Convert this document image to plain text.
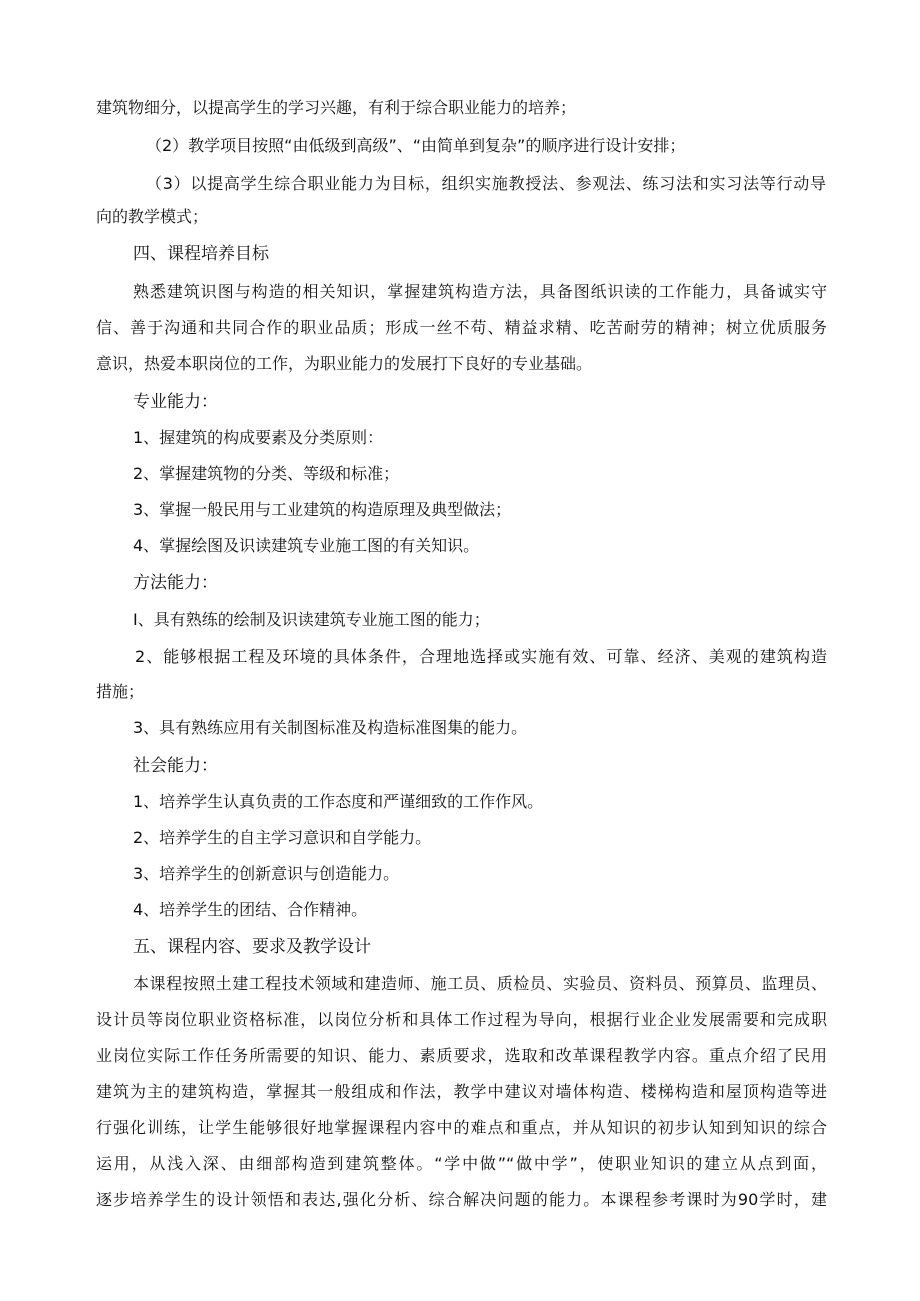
建筑物细分，以提高学生的学习兴趣，有利于综合职业能力的培养；
（2）教学项目按照“由低级到高级”、“由简单到复杂”的顺序进行设计安排；
（3）以提高学生综合职业能力为目标，组织实施教授法、参观法、练习法和实习法等行动导
向的教学模式；
四、课程培养目标
熟悉建筑识图与构造的相关知识，掌握建筑构造方法，具备图纸识读的工作能力，具备诚实守
信、善于沟通和共同合作的职业品质；形成一丝不苟、精益求精、吃苦耐劳的精神；树立优质服务
意识，热爱本职岗位的工作，为职业能力的发展打下良好的专业基础。
专业能力：
1、握建筑的构成要素及分类原则：
2、掌握建筑物的分类、等级和标准；
3、掌握一般民用与工业建筑的构造原理及典型做法；
4、掌握绘图及识读建筑专业施工图的有关知识。
方法能力：
I、具有熟练的绘制及识读建筑专业施工图的能力；
2、能够根据工程及环境的具体条件，合理地选择或实施有效、可靠、经济、美观的建筑构造
措施；
3、具有熟练应用有关制图标准及构造标准图集的能力。
社会能力：
1、培养学生认真负责的工作态度和严谨细致的工作作风。
2、培养学生的自主学习意识和自学能力。
3、培养学生的创新意识与创造能力。
4、培养学生的团结、合作精神。
五、课程内容、要求及教学设计
本课程按照土建工程技术领域和建造师、施工员、质检员、实验员、资料员、预算员、监理员、
设计员等岗位职业资格标准，以岗位分析和具体工作过程为导向，根据行业企业发展需要和完成职
业岗位实际工作任务所需要的知识、能力、素质要求，选取和改革课程教学内容。重点介绍了民用
建筑为主的建筑构造，掌握其一般组成和作法，教学中建议对墙体构造、楼梯构造和屋顶构造等进
行强化训练，让学生能够很好地掌握课程内容中的难点和重点，并从知识的初步认知到知识的综合
运用，从浅入深、由细部构造到建筑整体。“学中做”“做中学”，使职业知识的建立从点到面，
逐步培养学生的设计领悟和表达,强化分析、综合解决问题的能力。本课程参考课时为90学时，建
